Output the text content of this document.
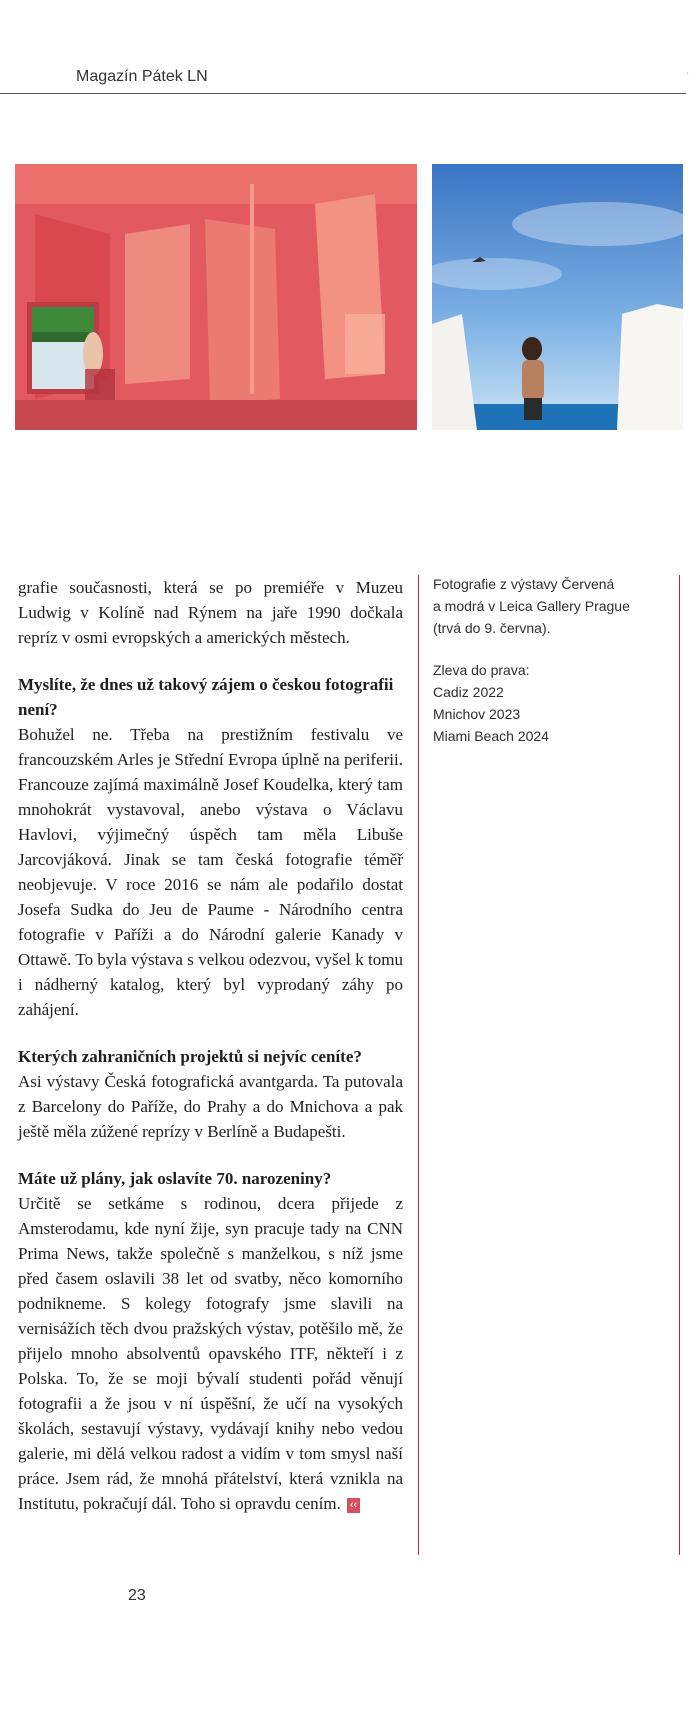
Magazín Pátek LN	´

grafie současnosti, která se po premiéře v Muzeu Ludwig v Kolíně nad Rýnem na jaře 1990 dočkala repríz v osmi evropských a amerických městech.

Myslíte, že dnes už takový zájem o českou fotografii není?

Bohužel ne. Třeba na prestižním festivalu ve francouzském Arles je Střední Evropa úplně na periferii. Francouze zajímá maximálně Josef Koudelka, který tam mnohokrát vystavoval, anebo výstava o Václavu Havlovi, výjimečný úspěch tam měla Libuše Jarcovjáková. Jinak se tam česká fotografie téměř neobjevuje. V roce 2016 se nám ale podařilo dostat Josefa Sudka do Jeu de Paume - Národního centra fotografie v Paříži a do Národní galerie Kanady v Ottawě. To byla výstava s velkou odezvou, vyšel k tomu i nádherný katalog, který byl vyprodaný záhy po zahájení.

Kterých zahraničních projektů si nejvíc ceníte?

Asi výstavy Česká fotografická avantgarda. Ta putovala z Barcelony do Paříže, do Prahy a do Mnichova a pak ještě měla zúžené reprízy v Berlíně a Budapešti.

Máte už plány, jak oslavíte 70. narozeniny?

Určitě se setkáme s rodinou, dcera přijede z Amsterodamu, kde nyní žije, syn pracuje tady na CNN Prima News, takže společně s manželkou, s níž jsme před časem oslavili 38 let od svatby, něco komorního podnikneme. S kolegy fotografy jsme slavili na vernisážích těch dvou pražských výstav, potěšilo mě, že přijelo mnoho absolventů opavského ITF, někteří i z Polska. To, že se moji bývalí studenti pořád věnují fotografii a že jsou v ní úspěšní, že učí na vysokých školách, sestavují výstavy, vydávají knihy nebo vedou galerie, mi dělá velkou radost a vidím v tom smysl naší práce. Jsem rád, že mnohá přátelství, která vznikla na Institutu, pokračují dál. Toho si opravdu cením. ‹‹

Fotografie z výstavy Červená
a modrá v Leica Gallery Prague
(trvá do 9. června).
Zleva do prava:
Cadiz 2022
Mnichov 2023
Miami Beach 2024
23
